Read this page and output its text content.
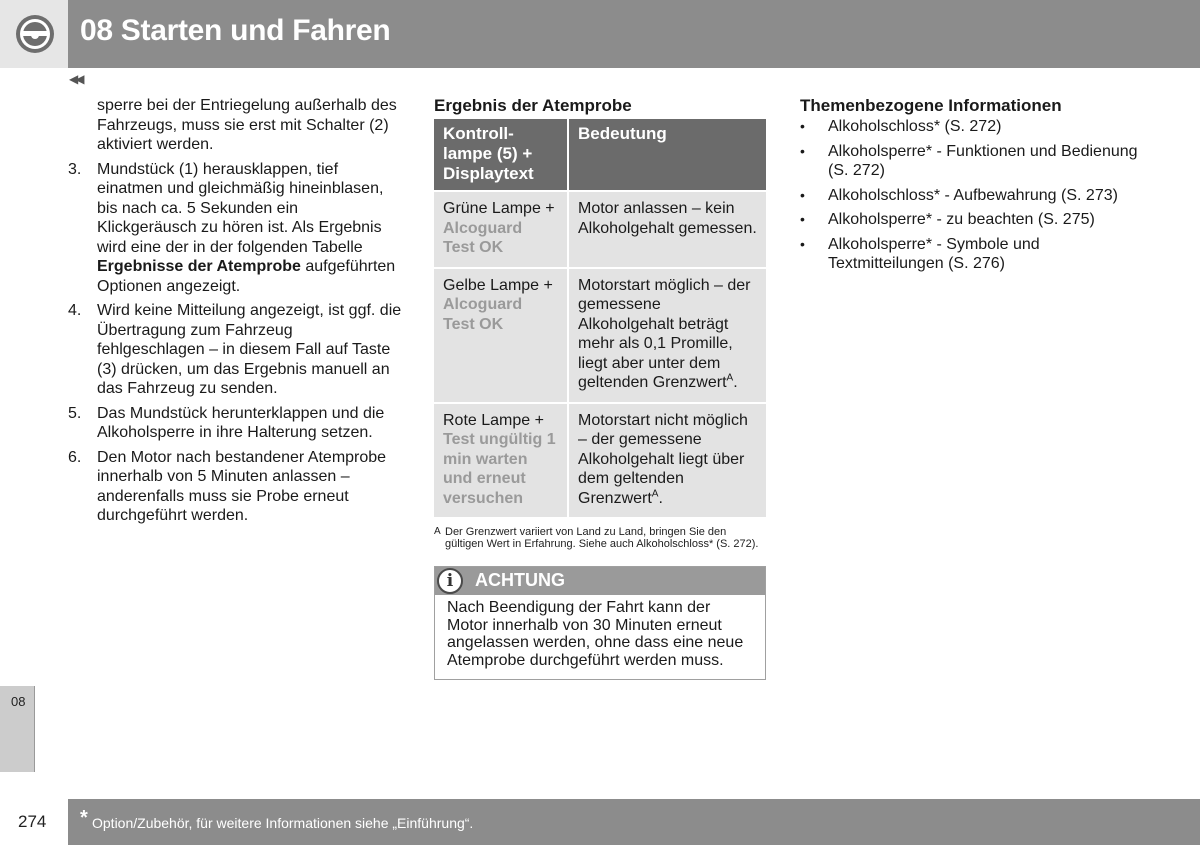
08 Starten und Fahren
◀◀
sperre bei der Entriegelung außerhalb des Fahrzeugs, muss sie erst mit Schalter (2) aktiviert werden.
3. Mundstück (1) herausklappen, tief einatmen und gleichmäßig hineinblasen, bis nach ca. 5 Sekunden ein Klickgeräusch zu hören ist. Als Ergebnis wird eine der in der folgenden Tabelle Ergebnisse der Atemprobe aufgeführten Optionen angezeigt.
4. Wird keine Mitteilung angezeigt, ist ggf. die Übertragung zum Fahrzeug fehlgeschlagen – in diesem Fall auf Taste (3) drücken, um das Ergebnis manuell an das Fahrzeug zu senden.
5. Das Mundstück herunterklappen und die Alkoholsperre in ihre Halterung setzen.
6. Den Motor nach bestandener Atemprobe innerhalb von 5 Minuten anlassen – anderenfalls muss sie Probe erneut durchgeführt werden.
Ergebnis der Atemprobe
Kontroll-lampe (5) + Displaytext	Bedeutung

Grüne Lampe +
Alcoguard Test OK	Motor anlassen – kein Alkoholgehalt gemessen.

Gelbe Lampe +
Alcoguard Test OK	Motorstart möglich – der gemessene Alkoholgehalt beträgt mehr als 0,1 Promille, liegt aber unter dem geltenden Grenzwert$^A$.

Rote Lampe +
Test ungültig 1 min warten und erneut versuchen	Motorstart nicht möglich – der gemessene Alkoholgehalt liegt über dem geltenden Grenzwert$^A$.
A Der Grenzwert variiert von Land zu Land, bringen Sie den gültigen Wert in Erfahrung. Siehe auch Alkoholschloss* (S. 272).
i	ACHTUNG
Nach Beendigung der Fahrt kann der Motor innerhalb von 30 Minuten erneut angelassen werden, ohne dass eine neue Atemprobe durchgeführt werden muss.
Themenbezogene Informationen
•	Alkoholschloss* (S. 272)
•	Alkoholsperre* - Funktionen und Bedienung (S. 272)
•	Alkoholschloss* - Aufbewahrung (S. 273)
•	Alkoholsperre* - zu beachten (S. 275)
•	Alkoholsperre* - Symbole und Textmitteilungen (S. 276)
08
274 * Option/Zubehör, für weitere Informationen siehe „Einführung“.
